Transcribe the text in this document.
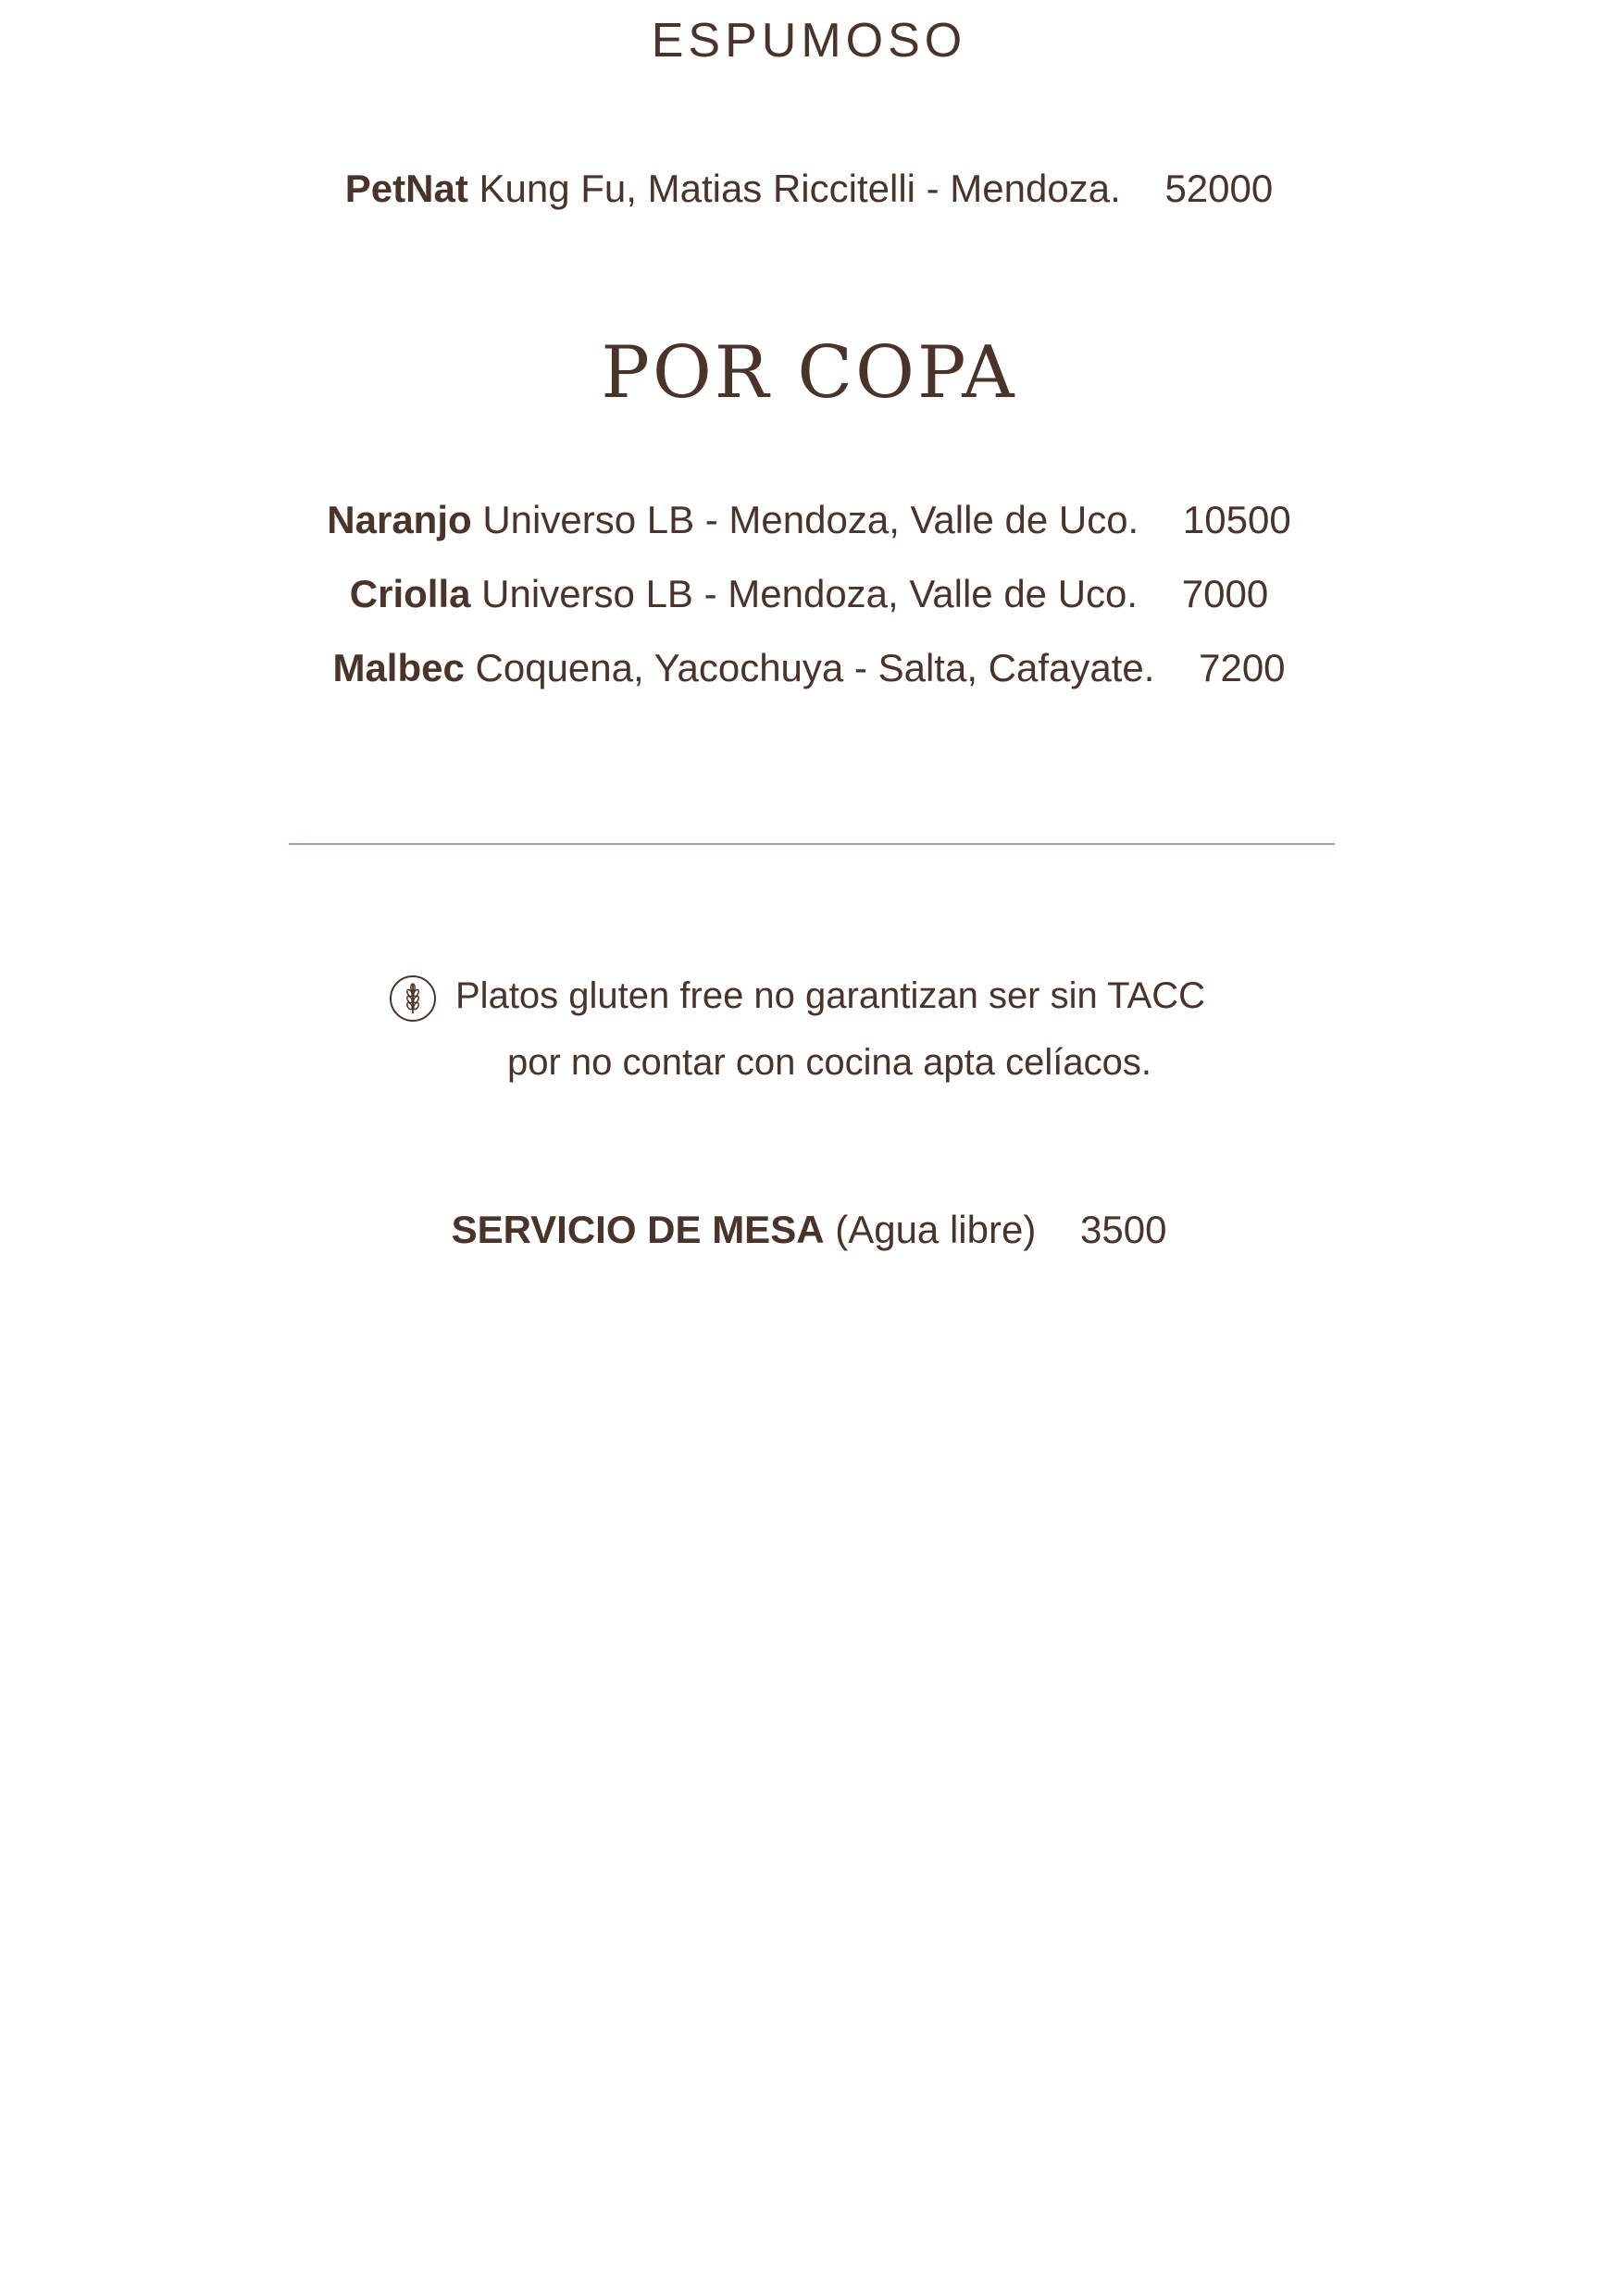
ESPUMOSO
PetNat Kung Fu, Matias Riccitelli - Mendoza. 52000
POR COPA
Naranjo Universo LB - Mendoza, Valle de Uco. 10500
Criolla Universo LB - Mendoza, Valle de Uco. 7000
Malbec Coquena, Yacochuya - Salta, Cafayate. 7200
Platos gluten free no garantizan ser sin TACC
por no contar con cocina apta celíacos.
SERVICIO DE MESA (Agua libre) 3500
